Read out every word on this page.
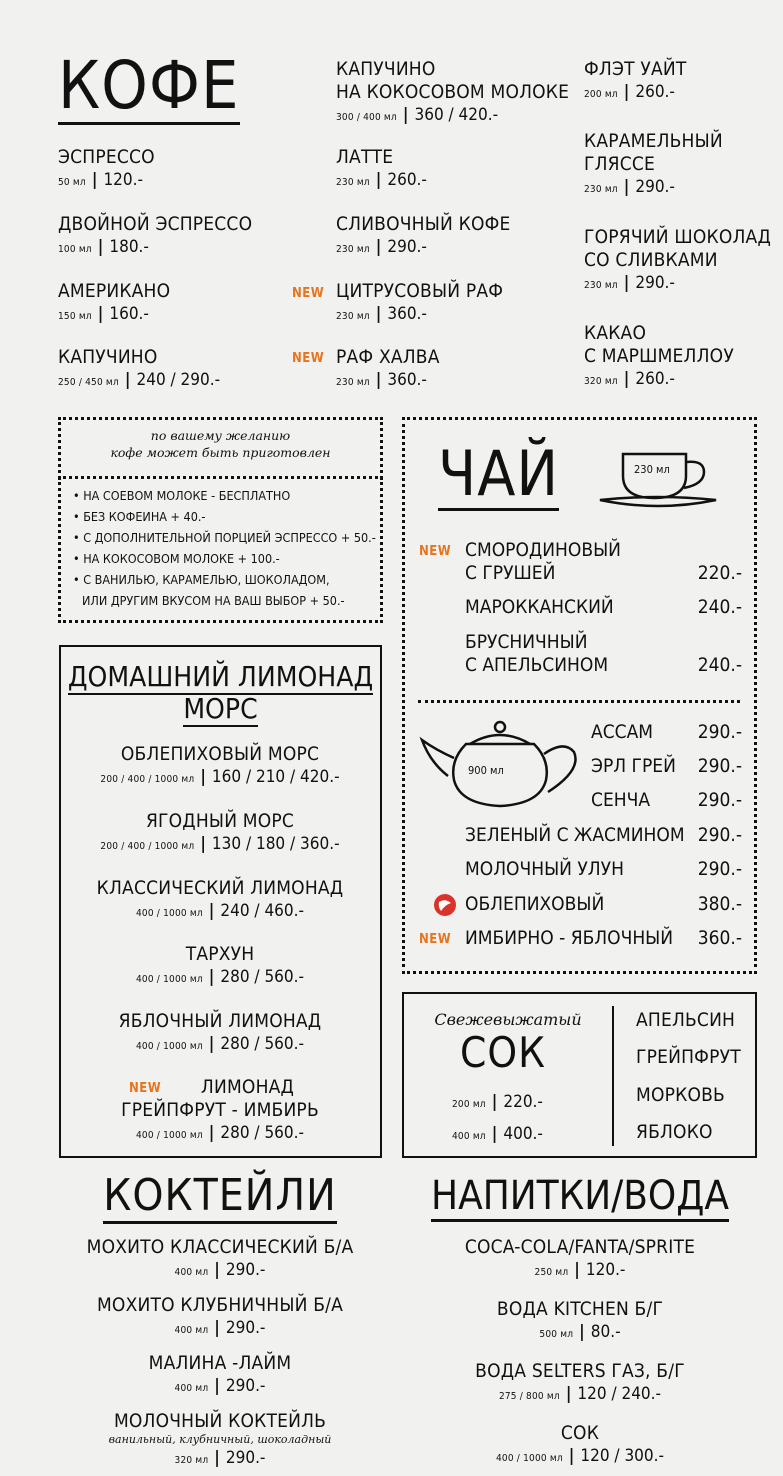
КОФЕ
ЭСПРЕССО
50 мл | 120.-
ДВОЙНОЙ ЭСПРЕССО
100 мл | 180.-
АМЕРИКАНО
150 мл | 160.-
КАПУЧИНО
250 / 450 мл | 240 / 290.-
КАПУЧИНО
НА КОКОСОВОМ МОЛОКЕ
300 / 400 мл | 360 / 420.-
ЛАТТЕ
230 мл | 260.-
СЛИВОЧНЫЙ КОФЕ
230 мл | 290.-
NEW ЦИТРУСОВЫЙ РАФ
230 мл | 360.-
NEW РАФ ХАЛВА
230 мл | 360.-
ФЛЭТ УАЙТ
200 мл | 260.-
КАРАМЕЛЬНЫЙ
ГЛЯССЕ
230 мл | 290.-
ГОРЯЧИЙ ШОКОЛАД
СО СЛИВКАМИ
230 мл | 290.-
КАКАО
С МАРШМЕЛЛОУ
320 мл | 260.-
по вашему желанию
кофе может быть приготовлен
• НА СОЕВОМ МОЛОКЕ - БЕСПЛАТНО
• БЕЗ КОФЕИНА + 40.-
• С ДОПОЛНИТЕЛЬНОЙ ПОРЦИЕЙ ЭСПРЕССО + 50.-
• НА КОКОСОВОМ МОЛОКЕ + 100.-
• С ВАНИЛЬЮ, КАРАМЕЛЬЮ, ШОКОЛАДОМ,
ИЛИ ДРУГИМ ВКУСОМ НА ВАШ ВЫБОР + 50.-
ДОМАШНИЙ ЛИМОНАД
МОРС
ОБЛЕПИХОВЫЙ МОРС
200 / 400 / 1000 мл | 160 / 210 / 420.-
ЯГОДНЫЙ МОРС
200 / 400 / 1000 мл | 130 / 180 / 360.-
КЛАССИЧЕСКИЙ ЛИМОНАД
400 / 1000 мл | 240 / 460.-
ТАРХУН
400 / 1000 мл | 280 / 560.-
ЯБЛОЧНЫЙ ЛИМОНАД
400 / 1000 мл | 280 / 560.-
NEW	ЛИМОНАД
ГРЕЙПФРУТ - ИМБИРЬ
400 / 1000 мл | 280 / 560.-
ЧАЙ	230 мл
NEW СМОРОДИНОВЫЙ
С ГРУШЕЙ	220.-
МАРОККАНСКИЙ	240.-
БРУСНИЧНЫЙ
С АПЕЛЬСИНОМ	240.-
900 мл
АССАМ	290.-
ЭРЛ ГРЕЙ	290.-
СЕНЧА	290.-
ЗЕЛЕНЫЙ С ЖАСМИНОМ 290.-
МОЛОЧНЫЙ УЛУН	290.-
ОБЛЕПИХОВЫЙ	380.-
NEW ИМБИРНО - ЯБЛОЧНЫЙ	360.-
Свежевыжатый
СОК
200 мл | 220.-
400 мл | 400.-
АПЕЛЬСИН
ГРЕЙПФРУТ
МОРКОВЬ
ЯБЛОКО
КОКТЕЙЛИ
МОХИТО КЛАССИЧЕСКИЙ Б/А
400 мл | 290.-
МОХИТО КЛУБНИЧНЫЙ Б/А
400 мл | 290.-
МАЛИНА -ЛАЙМ
400 мл | 290.-
МОЛОЧНЫЙ КОКТЕЙЛЬ
ванильный, клубничный, шоколадный
320 мл | 290.-
НАПИТКИ/ВОДА
COCA-COLA/FANTA/SPRITE
250 мл | 120.-
ВОДА KITCHEN Б/Г
500 мл | 80.-
ВОДА SELTERS ГАЗ, Б/Г
275 / 800 мл | 120 / 240.-
СОК
400 / 1000 мл | 120 / 300.-
